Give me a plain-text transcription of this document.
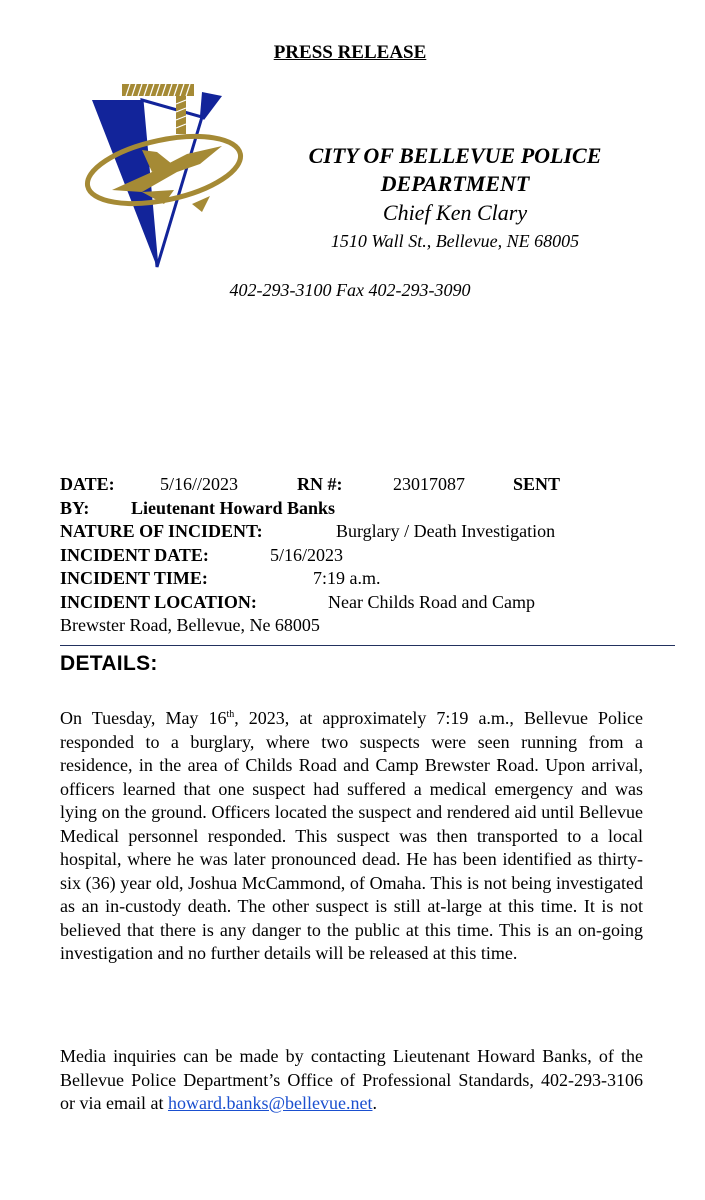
PRESS RELEASE
CITY OF BELLEVUE POLICE DEPARTMENT
Chief Ken Clary
1510 Wall St., Bellevue, NE 68005
402-293-3100 Fax 402-293-3090
DATE:	5/16//2023	RN #:	23017087	SENT
BY: Lieutenant Howard Banks
NATURE OF INCIDENT:	Burglary / Death Investigation
INCIDENT DATE:	5/16/2023
INCIDENT TIME:	7:19 a.m.
INCIDENT LOCATION:	Near Childs Road and Camp
Brewster Road, Bellevue, Ne 68005
DETAILS:
On Tuesday, May 16th, 2023, at approximately 7:19 a.m., Bellevue Police responded to a burglary, where two suspects were seen running from a residence, in the area of Childs Road and Camp Brewster Road. Upon arrival, officers learned that one suspect had suffered a medical emergency and was lying on the ground. Officers located the suspect and rendered aid until Bellevue Medical personnel responded. This suspect was then transported to a local hospital, where he was later pronounced dead. He has been identified as thirty-six (36) year old, Joshua McCammond, of Omaha. This is not being investigated as an in-custody death. The other suspect is still at-large at this time. It is not believed that there is any danger to the public at this time. This is an on-going investigation and no further details will be released at this time.
Media inquiries can be made by contacting Lieutenant Howard Banks, of the Bellevue Police Department’s Office of Professional Standards, 402-293-3106 or via email at howard.banks@bellevue.net.
